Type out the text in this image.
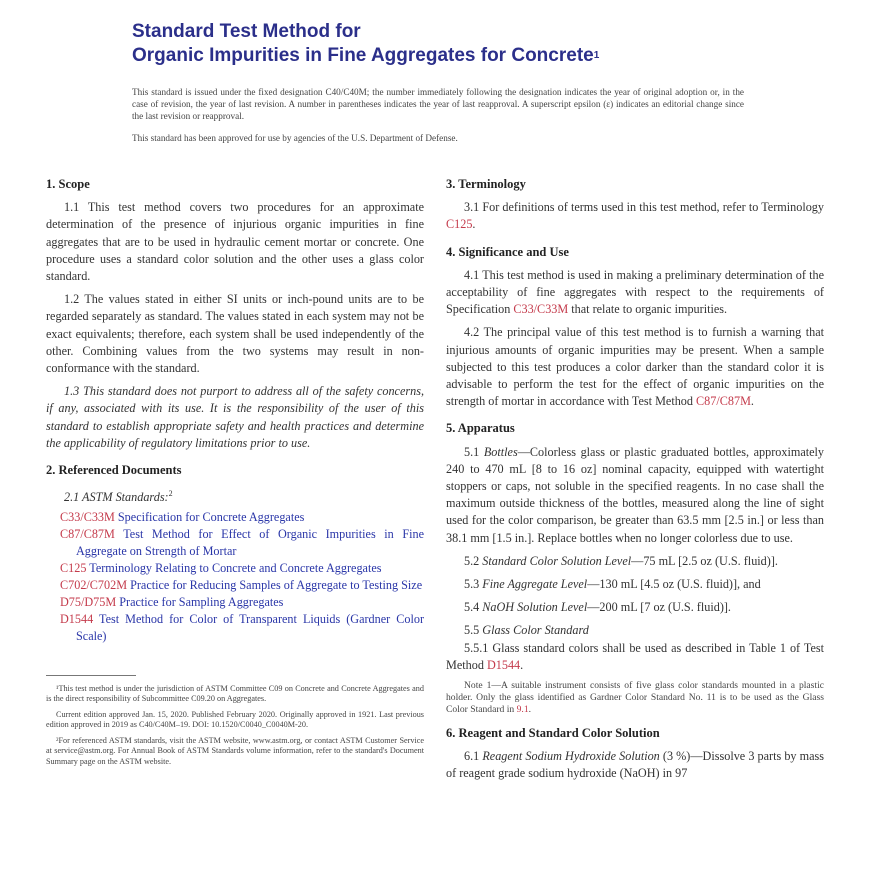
Standard Test Method for
Organic Impurities in Fine Aggregates for Concrete$^1$

This standard is issued under the fixed designation C40/C40M; the number immediately following the designation indicates the year of original adoption or, in the case of revision, the year of last revision. A number in parentheses indicates the year of last reapproval. A superscript epsilon (ε) indicates an editorial change since the last revision or reapproval.

This standard has been approved for use by agencies of the U.S. Department of Defense.

1. Scope

1.1 This test method covers two procedures for an approximate determination of the presence of injurious organic impurities in fine aggregates that are to be used in hydraulic cement mortar or concrete. One procedure uses a standard color solution and the other uses a glass color standard.

1.2 The values stated in either SI units or inch-pound units are to be regarded separately as standard. The values stated in each system may not be exact equivalents; therefore, each system shall be used independently of the other. Combining values from the two systems may result in non-conformance with the standard.

1.3 This standard does not purport to address all of the safety concerns, if any, associated with its use. It is the responsibility of the user of this standard to establish appropriate safety and health practices and determine the applicability of regulatory limitations prior to use.

2. Referenced Documents

2.1 ASTM Standards:$^2$

C33/C33M Specification for Concrete Aggregates

C87/C87M Test Method for Effect of Organic Impurities in Fine Aggregate on Strength of Mortar

C125 Terminology Relating to Concrete and Concrete Aggregates

C702/C702M Practice for Reducing Samples of Aggregate to Testing Size

D75/D75M Practice for Sampling Aggregates

D1544 Test Method for Color of Transparent Liquids (Gardner Color Scale)

¹This test method is under the jurisdiction of ASTM Committee C09 on Concrete and Concrete Aggregates and is the direct responsibility of Subcommittee C09.20 on Aggregates.

Current edition approved Jan. 15, 2020. Published February 2020. Originally approved in 1921. Last previous edition approved in 2019 as C40/C40M–19. DOI: 10.1520/C0040_C0040M-20.

²For referenced ASTM standards, visit the ASTM website, www.astm.org, or contact ASTM Customer Service at service@astm.org. For Annual Book of ASTM Standards volume information, refer to the standard's Document Summary page on the ASTM website.

3. Terminology

3.1 For definitions of terms used in this test method, refer to Terminology C125.

4. Significance and Use

4.1 This test method is used in making a preliminary determination of the acceptability of fine aggregates with respect to the requirements of Specification C33/C33M that relate to organic impurities.

4.2 The principal value of this test method is to furnish a warning that injurious amounts of organic impurities may be present. When a sample subjected to this test produces a color darker than the standard color it is advisable to perform the test for the effect of organic impurities on the strength of mortar in accordance with Test Method C87/C87M.

5. Apparatus

5.1 Bottles—Colorless glass or plastic graduated bottles, approximately 240 to 470 mL [8 to 16 oz] nominal capacity, equipped with watertight stoppers or caps, not soluble in the specified reagents. In no case shall the maximum outside thickness of the bottles, measured along the line of sight used for the color comparison, be greater than 63.5 mm [2.5 in.] or less than 38.1 mm [1.5 in.]. Replace bottles when no longer colorless due to use.

5.2 Standard Color Solution Level—75 mL [2.5 oz (U.S. fluid)].

5.3 Fine Aggregate Level—130 mL [4.5 oz (U.S. fluid)], and

5.4 NaOH Solution Level—200 mL [7 oz (U.S. fluid)].

5.5 Glass Color Standard

5.5.1 Glass standard colors shall be used as described in Table 1 of Test Method D1544.

Note 1—A suitable instrument consists of five glass color standards mounted in a plastic holder. Only the glass identified as Gardner Color Standard No. 11 is to be used as the Glass Color Standard in 9.1.

6. Reagent and Standard Color Solution

6.1 Reagent Sodium Hydroxide Solution (3 %)—Dissolve 3 parts by mass of reagent grade sodium hydroxide (NaOH) in 97
